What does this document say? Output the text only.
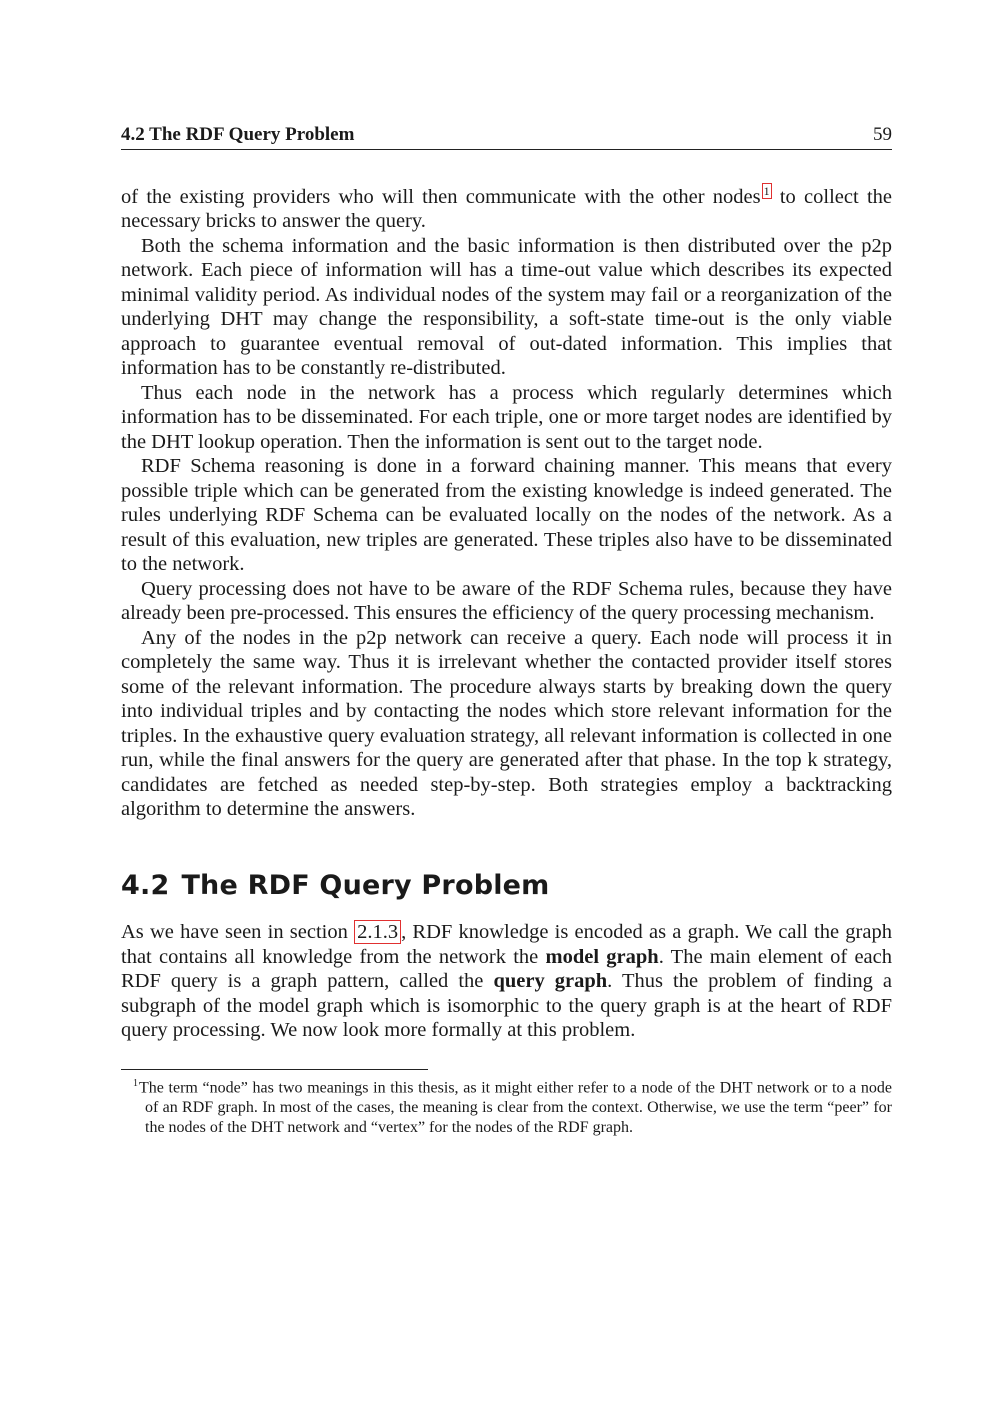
4.2 The RDF Query Problem	59

of the existing providers who will then communicate with the other nodes 1 to collect the necessary bricks to answer the query.

Both the schema information and the basic information is then distributed over the p2p network. Each piece of information will has a time-out value which describes its expected minimal validity period. As individual nodes of the system may fail or a reorganization of the underlying DHT may change the responsibility, a soft-state time-out is the only viable approach to guarantee eventual removal of out-dated information. This implies that information has to be constantly re-distributed.

Thus each node in the network has a process which regularly determines which information has to be disseminated. For each triple, one or more target nodes are identified by the DHT lookup operation. Then the information is sent out to the target node.

RDF Schema reasoning is done in a forward chaining manner. This means that every possible triple which can be generated from the existing knowledge is indeed generated. The rules underlying RDF Schema can be evaluated locally on the nodes of the network. As a result of this evaluation, new triples are generated. These triples also have to be disseminated to the network.

Query processing does not have to be aware of the RDF Schema rules, because they have already been pre-processed. This ensures the efficiency of the query processing mechanism.

Any of the nodes in the p2p network can receive a query. Each node will process it in completely the same way. Thus it is irrelevant whether the contacted provider itself stores some of the relevant information. The procedure always starts by breaking down the query into individual triples and by contacting the nodes which store relevant information for the triples. In the exhaustive query evaluation strategy, all relevant information is collected in one run, while the final answers for the query are generated after that phase. In the top k strategy, candidates are fetched as needed step-by-step. Both strategies employ a backtracking algorithm to determine the answers.

4.2 The RDF Query Problem

As we have seen in section 2.1.3 , RDF knowledge is encoded as a graph. We call the graph that contains all knowledge from the network the model graph. The main element of each RDF query is a graph pattern, called the query graph. Thus the problem of finding a subgraph of the model graph which is isomorphic to the query graph is at the heart of RDF query processing. We now look more formally at this problem.

$^1$The term “node” has two meanings in this thesis, as it might either refer to a node of the DHT network or to a node of an RDF graph. In most of the cases, the meaning is clear from the context. Otherwise, we use the term “peer” for the nodes of the DHT network and “vertex” for the nodes of the RDF graph.
